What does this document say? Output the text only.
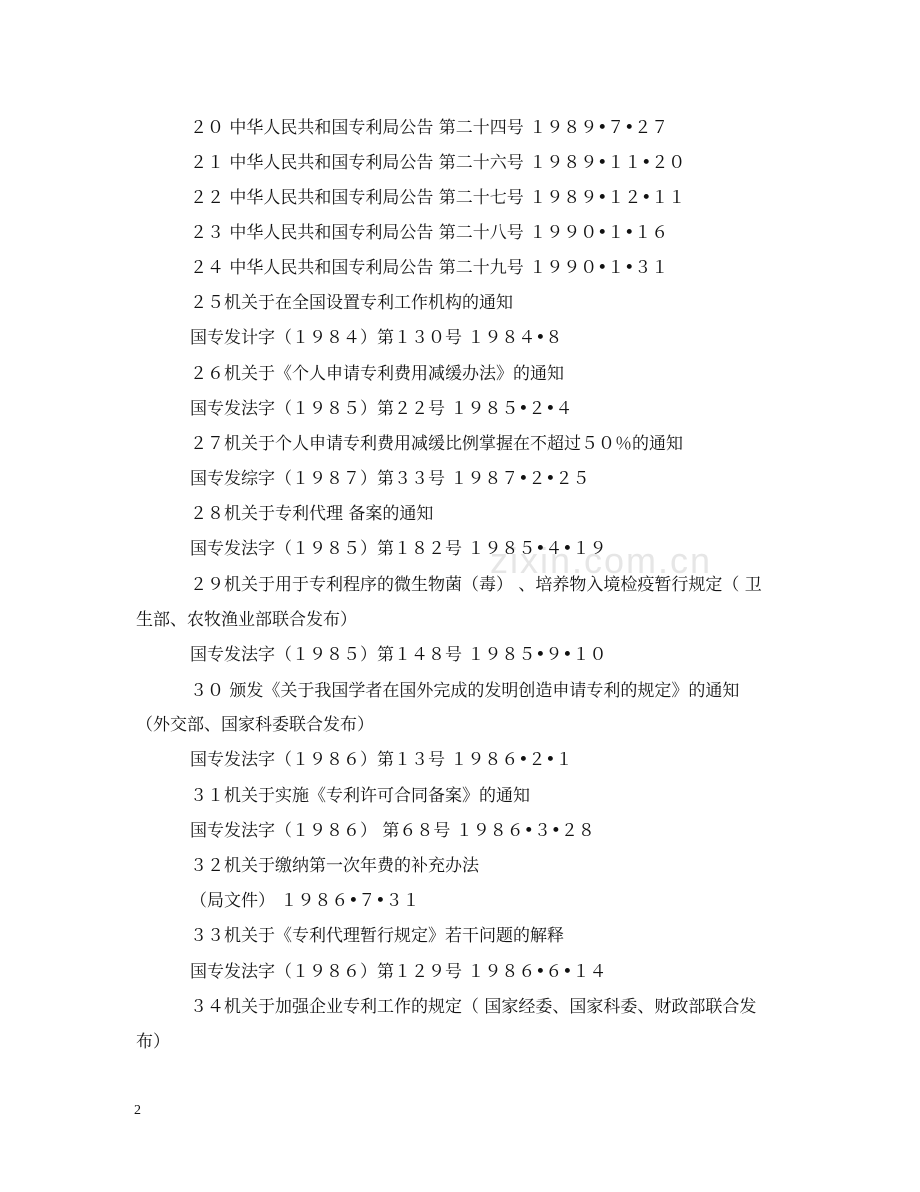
zixin.com.cn
２０ 中华人民共和国专利局公告 第二十四号 １９８９•７•２７
２１ 中华人民共和国专利局公告 第二十六号 １９８９•１１•２０
２２ 中华人民共和国专利局公告 第二十七号 １９８９•１２•１１
２３ 中华人民共和国专利局公告 第二十八号 １９９０•１•１６
２４ 中华人民共和国专利局公告 第二十九号 １９９０•１•３１
２５机关于在全国设置专利工作机构的通知
国专发计字（１９８４）第１３０号 １９８４•８
２６机关于《个人申请专利费用减缓办法》的通知
国专发法字（１９８５）第２２号 １９８５•２•４
２７机关于个人申请专利费用减缓比例掌握在不超过５０％的通知
国专发综字（１９８７）第３３号 １９８７•２•２５
２８机关于专利代理 备案的通知
国专发法字（１９８５）第１８２号 １９８５•４•１９
２９机关于用于专利程序的微生物菌（毒） 、培养物入境检疫暂行规定（ 卫
生部、农牧渔业部联合发布）
国专发法字（１９８５）第１４８号 １９８５•９•１０
３０ 颁发《关于我国学者在国外完成的发明创造申请专利的规定》的通知
（外交部、国家科委联合发布）
国专发法字（１９８６）第１３号 １９８６•２•１
３１机关于实施《专利许可合同备案》的通知
国专发法字（１９８６） 第６８号 １９８６•３•２８
３２机关于缴纳第一次年费的补充办法
（局文件） １９８６•７•３１
３３机关于《专利代理暂行规定》若干问题的解释
国专发法字（１９８６）第１２９号 １９８６•６•１４
３４机关于加强企业专利工作的规定（ 国家经委、国家科委、财政部联合发
布）
2
